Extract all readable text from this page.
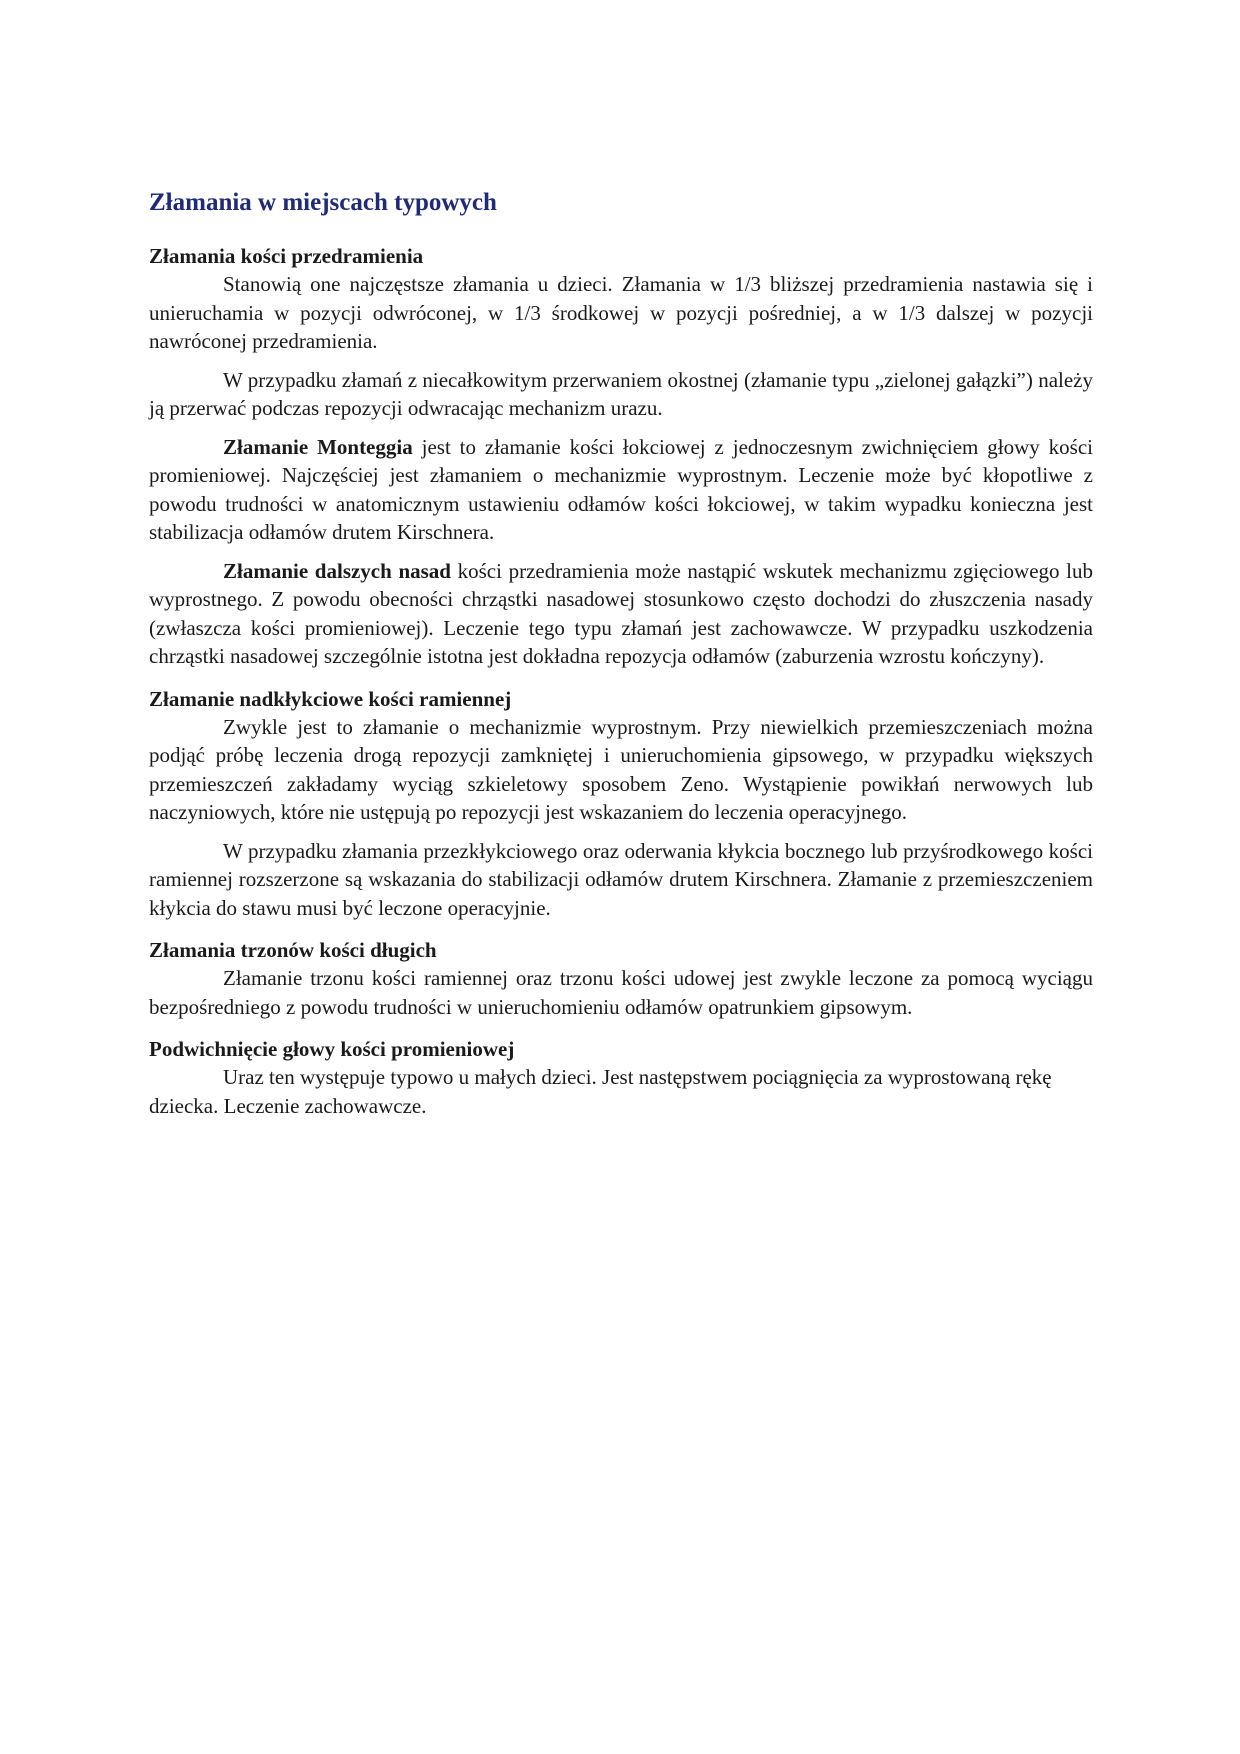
Złamania w miejscach typowych
Złamania kości przedramienia

Stanowią one najczęstsze złamania u dzieci. Złamania w 1/3 bliższej przedramienia nastawia się i unieruchamia w pozycji odwróconej, w 1/3 środkowej w pozycji pośredniej, a w 1/3 dalszej w pozycji nawróconej przedramienia.

W przypadku złamań z niecałkowitym przerwaniem okostnej (złamanie typu „zielonej gałązki”) należy ją przerwać podczas repozycji odwracając mechanizm urazu.

Złamanie Monteggia jest to złamanie kości łokciowej z jednoczesnym zwichnięciem głowy kości promieniowej. Najczęściej jest złamaniem o mechanizmie wyprostnym. Leczenie może być kłopotliwe z powodu trudności w anatomicznym ustawieniu odłamów kości łokciowej, w takim wypadku konieczna jest stabilizacja odłamów drutem Kirschnera.

Złamanie dalszych nasad kości przedramienia może nastąpić wskutek mechanizmu zgięciowego lub wyprostnego. Z powodu obecności chrząstki nasadowej stosunkowo często dochodzi do złuszczenia nasady (zwłaszcza kości promieniowej). Leczenie tego typu złamań jest zachowawcze. W przypadku uszkodzenia chrząstki nasadowej szczególnie istotna jest dokładna repozycja odłamów (zaburzenia wzrostu kończyny).

Złamanie nadkłykciowe kości ramiennej

Zwykle jest to złamanie o mechanizmie wyprostnym. Przy niewielkich przemieszczeniach można podjąć próbę leczenia drogą repozycji zamkniętej i unieruchomienia gipsowego, w przypadku większych przemieszczeń zakładamy wyciąg szkieletowy sposobem Zeno. Wystąpienie powikłań nerwowych lub naczyniowych, które nie ustępują po repozycji jest wskazaniem do leczenia operacyjnego.

W przypadku złamania przezkłykciowego oraz oderwania kłykcia bocznego lub przyśrodkowego kości ramiennej rozszerzone są wskazania do stabilizacji odłamów drutem Kirschnera. Złamanie z przemieszczeniem kłykcia do stawu musi być leczone operacyjnie.

Złamania trzonów kości długich

Złamanie trzonu kości ramiennej oraz trzonu kości udowej jest zwykle leczone za pomocą wyciągu bezpośredniego z powodu trudności w unieruchomieniu odłamów opatrunkiem gipsowym.

Podwichnięcie głowy kości promieniowej

Uraz ten występuje typowo u małych dzieci. Jest następstwem pociągnięcia za wyprostowaną rękę dziecka. Leczenie zachowawcze.
